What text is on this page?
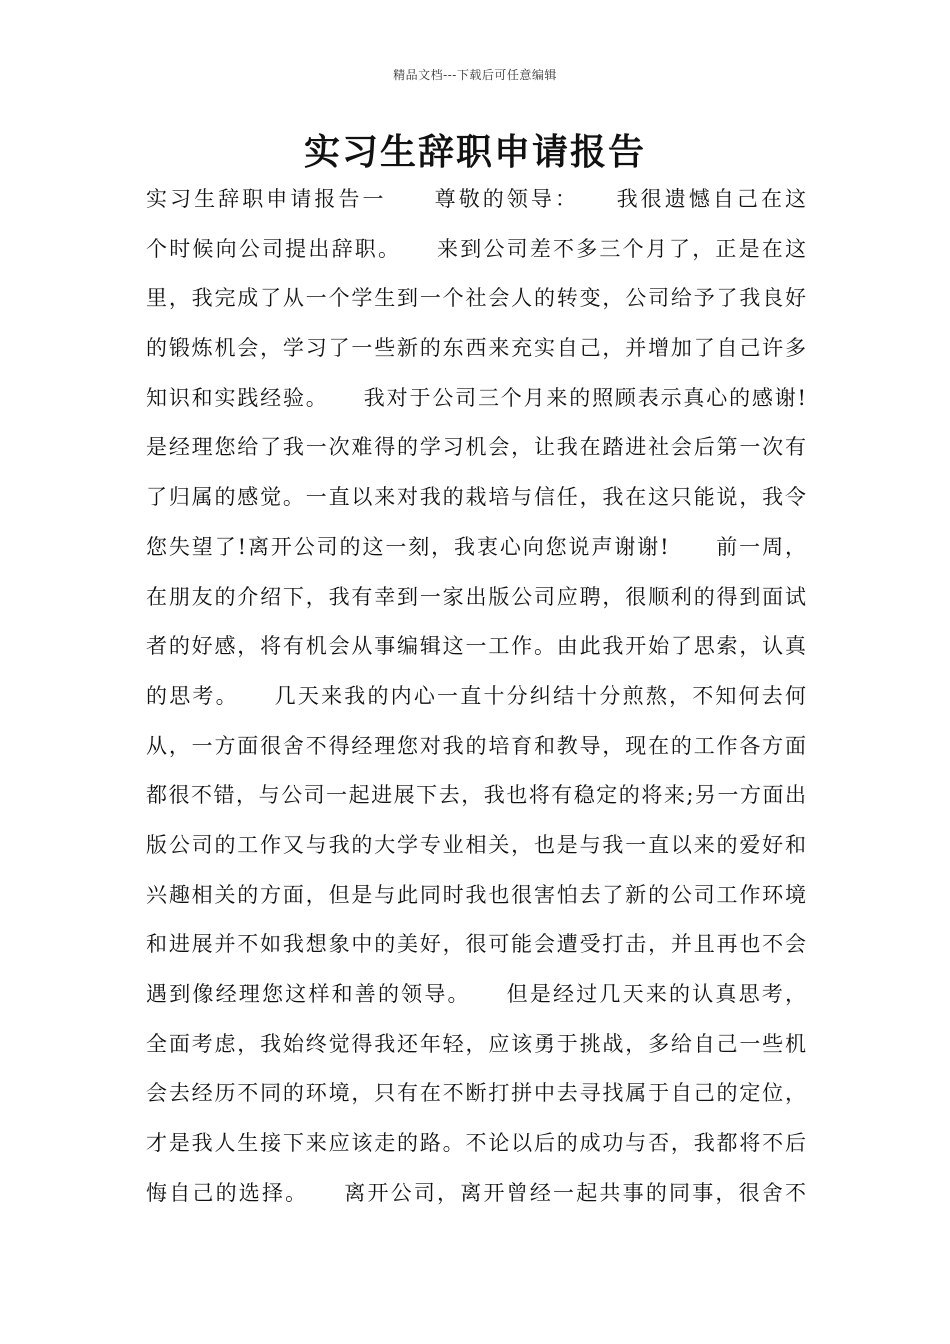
精品文档---下载后可任意编辑
实习生辞职申请报告
实习生辞职申请报告一　　尊敬的领导：　　我很遗憾自己在这
个时候向公司提出辞职。　　来到公司差不多三个月了，正是在这
里，我完成了从一个学生到一个社会人的转变，公司给予了我良好
的锻炼机会，学习了一些新的东西来充实自己，并增加了自己许多
知识和实践经验。　　我对于公司三个月来的照顾表示真心的感谢!
是经理您给了我一次难得的学习机会，让我在踏进社会后第一次有
了归属的感觉。一直以来对我的栽培与信任，我在这只能说，我令
您失望了!离开公司的这一刻，我衷心向您说声谢谢!　　前一周，
在朋友的介绍下，我有幸到一家出版公司应聘，很顺利的得到面试
者的好感，将有机会从事编辑这一工作。由此我开始了思索，认真
的思考。　　几天来我的内心一直十分纠结十分煎熬，不知何去何
从，一方面很舍不得经理您对我的培育和教导，现在的工作各方面
都很不错，与公司一起进展下去，我也将有稳定的将来;另一方面出
版公司的工作又与我的大学专业相关，也是与我一直以来的爱好和
兴趣相关的方面，但是与此同时我也很害怕去了新的公司工作环境
和进展并不如我想象中的美好，很可能会遭受打击，并且再也不会
遇到像经理您这样和善的领导。　　但是经过几天来的认真思考，
全面考虑，我始终觉得我还年轻，应该勇于挑战，多给自己一些机
会去经历不同的环境，只有在不断打拼中去寻找属于自己的定位，
才是我人生接下来应该走的路。不论以后的成功与否，我都将不后
悔自己的选择。　　离开公司，离开曾经一起共事的同事，很舍不
